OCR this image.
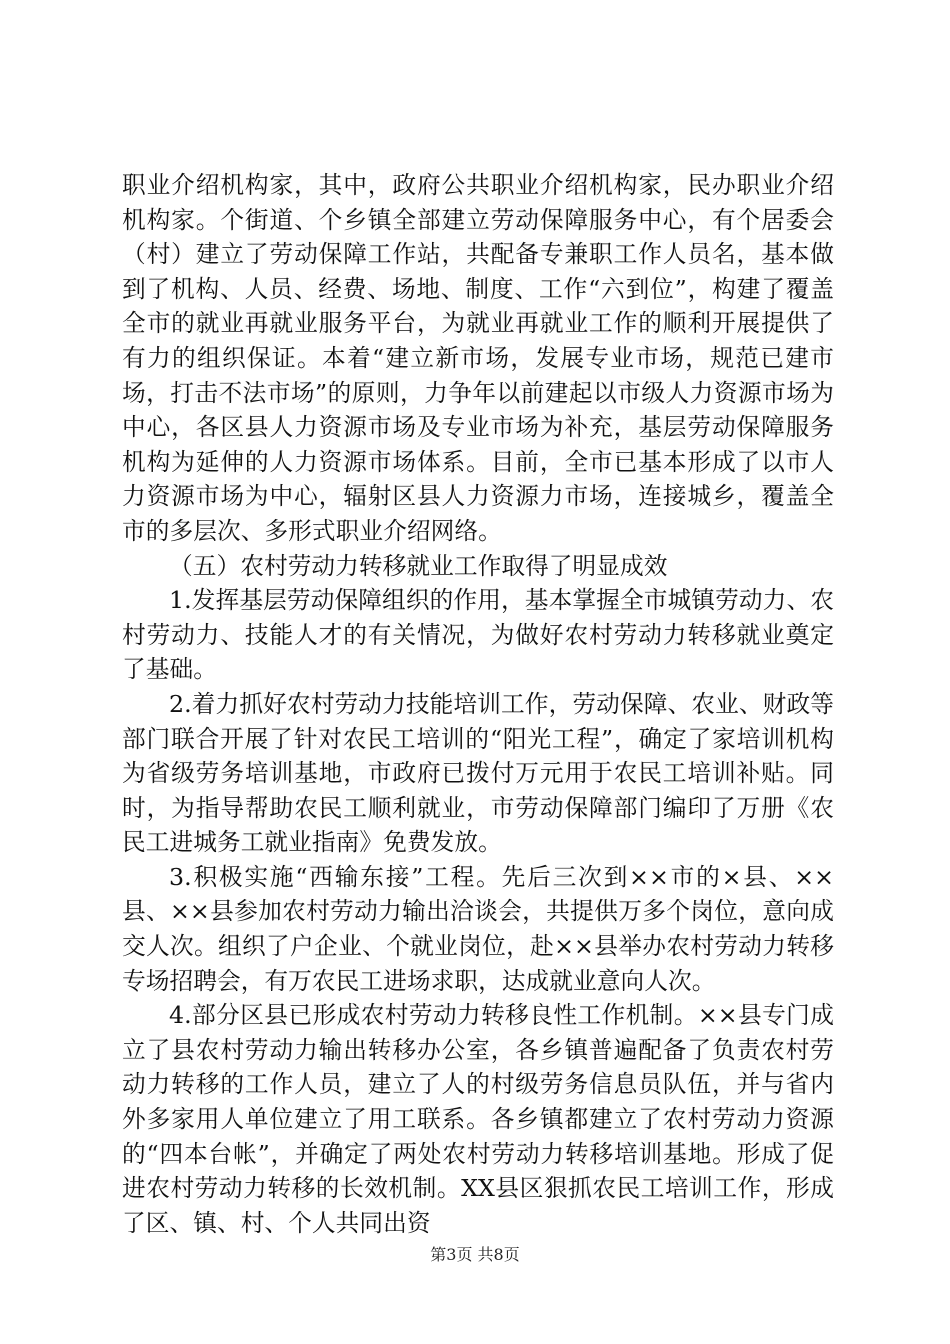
职业介绍机构家，其中，政府公共职业介绍机构家，民办职业介绍机构家。个街道、个乡镇全部建立劳动保障服务中心，有个居委会（村）建立了劳动保障工作站，共配备专兼职工作人员名，基本做到了机构、人员、经费、场地、制度、工作“六到位”，构建了覆盖全市的就业再就业服务平台，为就业再就业工作的顺利开展提供了有力的组织保证。本着“建立新市场，发展专业市场，规范已建市场，打击不法市场”的原则，力争年以前建起以市级人力资源市场为中心，各区县人力资源市场及专业市场为补充，基层劳动保障服务机构为延伸的人力资源市场体系。目前，全市已基本形成了以市人力资源市场为中心，辐射区县人力资源力市场，连接城乡，覆盖全市的多层次、多形式职业介绍网络。

（五）农村劳动力转移就业工作取得了明显成效

1.发挥基层劳动保障组织的作用，基本掌握全市城镇劳动力、农村劳动力、技能人才的有关情况，为做好农村劳动力转移就业奠定了基础。

2.着力抓好农村劳动力技能培训工作，劳动保障、农业、财政等部门联合开展了针对农民工培训的“阳光工程”，确定了家培训机构为省级劳务培训基地，市政府已拨付万元用于农民工培训补贴。同时，为指导帮助农民工顺利就业，市劳动保障部门编印了万册《农民工进城务工就业指南》免费发放。

3.积极实施“西输东接”工程。先后三次到××市的×县、××县、××县参加农村劳动力输出洽谈会，共提供万多个岗位，意向成交人次。组织了户企业、个就业岗位，赴××县举办农村劳动力转移专场招聘会，有万农民工进场求职，达成就业意向人次。

4.部分区县已形成农村劳动力转移良性工作机制。××县专门成立了县农村劳动力输出转移办公室，各乡镇普遍配备了负责农村劳动力转移的工作人员，建立了人的村级劳务信息员队伍，并与省内外多家用人单位建立了用工联系。各乡镇都建立了农村劳动力资源的“四本台帐”，并确定了两处农村劳动力转移培训基地。形成了促进农村劳动力转移的长效机制。XX县区狠抓农民工培训工作，形成了区、镇、村、个人共同出资

第3页 共8页
